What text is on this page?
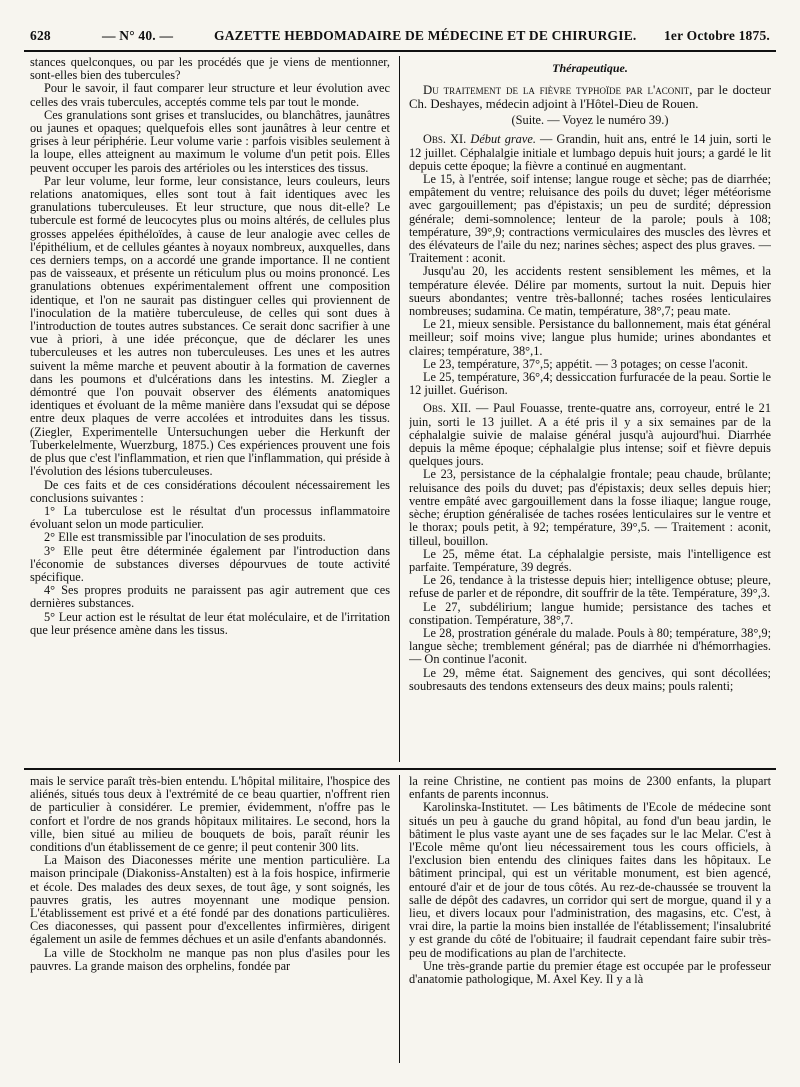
628	— N° 40. —	GAZETTE HEBDOMADAIRE DE MÉDECINE ET DE CHIRURGIE. 1er Octobre 1875.

stances quelconques, ou par les procédés que je viens de mentionner, sont-elles bien des tubercules?

Pour le savoir, il faut comparer leur structure et leur évolution avec celles des vrais tubercules, acceptés comme tels par tout le monde.

Ces granulations sont grises et translucides, ou blanchâtres, jaunâtres ou jaunes et opaques; quelquefois elles sont jaunâtres à leur centre et grises à leur périphérie. Leur volume varie : parfois visibles seulement à la loupe, elles atteignent au maximum le volume d'un petit pois. Elles peuvent occuper les parois des artérioles ou les interstices des tissus.

Par leur volume, leur forme, leur consistance, leurs couleurs, leurs relations anatomiques, elles sont tout à fait identiques avec les granulations tuberculeuses. Et leur structure, que nous dit-elle? Le tubercule est formé de leucocytes plus ou moins altérés, de cellules plus grosses appelées épithéloïdes, à cause de leur analogie avec celles de l'épithélium, et de cellules géantes à noyaux nombreux, auxquelles, dans ces derniers temps, on a accordé une grande importance. Il ne contient pas de vaisseaux, et présente un réticulum plus ou moins prononcé. Les granulations obtenues expérimentalement offrent une composition identique, et l'on ne saurait pas distinguer celles qui proviennent de l'inoculation de la matière tuberculeuse, de celles qui sont dues à l'introduction de toutes autres substances. Ce serait donc sacrifier à une vue à priori, à une idée préconçue, que de déclarer les unes tuberculeuses et les autres non tuberculeuses. Les unes et les autres suivent la même marche et peuvent aboutir à la formation de cavernes dans les poumons et d'ulcérations dans les intestins. M. Ziegler a démontré que l'on pouvait observer des éléments anatomiques identiques et évoluant de la même manière dans l'exsudat qui se dépose entre deux plaques de verre accolées et introduites dans les tissus. (Ziegler, Experimentelle Untersuchungen ueber die Herkunft der Tuberkelelmente, Wuerzburg, 1875.) Ces expériences prouvent une fois de plus que c'est l'inflammation, et rien que l'inflammation, qui préside à l'évolution des lésions tuberculeuses.

De ces faits et de ces considérations découlent nécessairement les conclusions suivantes :

1° La tuberculose est le résultat d'un processus inflammatoire évoluant selon un mode particulier.

2° Elle est transmissible par l'inoculation de ses produits.

3° Elle peut être déterminée également par l'introduction dans l'économie de substances diverses dépourvues de toute activité spécifique.

4° Ses propres produits ne paraissent pas agir autrement que ces dernières substances.

5° Leur action est le résultat de leur état moléculaire, et de l'irritation que leur présence amène dans les tissus.

Thérapeutique.

Du traitement de la fièvre typhoïde par l'aconit, par le docteur Ch. Deshayes, médecin adjoint à l'Hôtel-Dieu de Rouen.

(Suite. — Voyez le numéro 39.)

Obs. XI. Début grave. — Grandin, huit ans, entré le 14 juin, sorti le 12 juillet. Céphalalgie initiale et lumbago depuis huit jours; a gardé le lit depuis cette époque; la fièvre a continué en augmentant.

Le 15, à l'entrée, soif intense; langue rouge et sèche; pas de diarrhée; empâtement du ventre; reluisance des poils du duvet; léger météorisme avec gargouillement; pas d'épistaxis; un peu de surdité; dépression générale; demi-somnolence; lenteur de la parole; pouls à 108; température, 39°,9; contractions vermiculaires des muscles des lèvres et des élévateurs de l'aile du nez; narines sèches; aspect des plus graves. — Traitement : aconit.

Jusqu'au 20, les accidents restent sensiblement les mêmes, et la température élevée. Délire par moments, surtout la nuit. Depuis hier sueurs abondantes; ventre très-ballonné; taches rosées lenticulaires nombreuses; sudamina. Ce matin, température, 38°,7; peau mate.

Le 21, mieux sensible. Persistance du ballonnement, mais état général meilleur; soif moins vive; langue plus humide; urines abondantes et claires; température, 38°,1.

Le 23, température, 37°,5; appétit. — 3 potages; on cesse l'aconit.

Le 25, température, 36°,4; dessiccation furfuracée de la peau. Sortie le 12 juillet. Guérison.

Obs. XII. — Paul Fouasse, trente-quatre ans, corroyeur, entré le 21 juin, sorti le 13 juillet. A a été pris il y a six semaines par de la céphalalgie suivie de malaise général jusqu'à aujourd'hui. Diarrhée depuis la même époque; céphalalgie plus intense; soif et fièvre depuis quelques jours.

Le 23, persistance de la céphalalgie frontale; peau chaude, brûlante; reluisance des poils du duvet; pas d'épistaxis; deux selles depuis hier; ventre empâté avec gargouillement dans la fosse iliaque; langue rouge, sèche; éruption généralisée de taches rosées lenticulaires sur le ventre et le thorax; pouls petit, à 92; température, 39°,5. — Traitement : aconit, tilleul, bouillon.

Le 25, même état. La céphalalgie persiste, mais l'intelligence est parfaite. Température, 39 degrés.

Le 26, tendance à la tristesse depuis hier; intelligence obtuse; pleure, refuse de parler et de répondre, dit souffrir de la tête. Température, 39°,3.

Le 27, subdélirium; langue humide; persistance des taches et constipation. Température, 38°,7.

Le 28, prostration générale du malade. Pouls à 80; température, 38°,9; langue sèche; tremblement général; pas de diarrhée ni d'hémorrhagies. — On continue l'aconit.

Le 29, même état. Saignement des gencives, qui sont décollées; soubresauts des tendons extenseurs des deux mains; pouls ralenti;

mais le service paraît très-bien entendu. L'hôpital militaire, l'hospice des aliénés, situés tous deux à l'extrémité de ce beau quartier, n'offrent rien de particulier à considérer. Le premier, évidemment, n'offre pas le confort et l'ordre de nos grands hôpitaux militaires. Le second, hors la ville, bien situé au milieu de bouquets de bois, paraît réunir les conditions d'un établissement de ce genre; il peut contenir 300 lits.

La Maison des Diaconesses mérite une mention particulière. La maison principale (Diakoniss-Anstalten) est à la fois hospice, infirmerie et école. Des malades des deux sexes, de tout âge, y sont soignés, les pauvres gratis, les autres moyennant une modique pension. L'établissement est privé et a été fondé par des donations particulières. Ces diaconesses, qui passent pour d'excellentes infirmières, dirigent également un asile de femmes déchues et un asile d'enfants abandonnés.

La ville de Stockholm ne manque pas non plus d'asiles pour les pauvres. La grande maison des orphelins, fondée par

la reine Christine, ne contient pas moins de 2300 enfants, la plupart enfants de parents inconnus.

Karolinska-Institutet. — Les bâtiments de l'Ecole de médecine sont situés un peu à gauche du grand hôpital, au fond d'un beau jardin, le bâtiment le plus vaste ayant une de ses façades sur le lac Melar. C'est à l'Ecole même qu'ont lieu nécessairement tous les cours officiels, à l'exclusion bien entendu des cliniques faites dans les hôpitaux. Le bâtiment principal, qui est un véritable monument, est bien agencé, entouré d'air et de jour de tous côtés. Au rez-de-chaussée se trouvent la salle de dépôt des cadavres, un corridor qui sert de morgue, quand il y a lieu, et divers locaux pour l'administration, des magasins, etc. C'est, à vrai dire, la partie la moins bien installée de l'établissement; l'insalubrité y est grande du côté de l'obituaire; il faudrait cependant faire subir très-peu de modifications au plan de l'architecte.

Une très-grande partie du premier étage est occupée par le professeur d'anatomie pathologique, M. Axel Key. Il y a là
